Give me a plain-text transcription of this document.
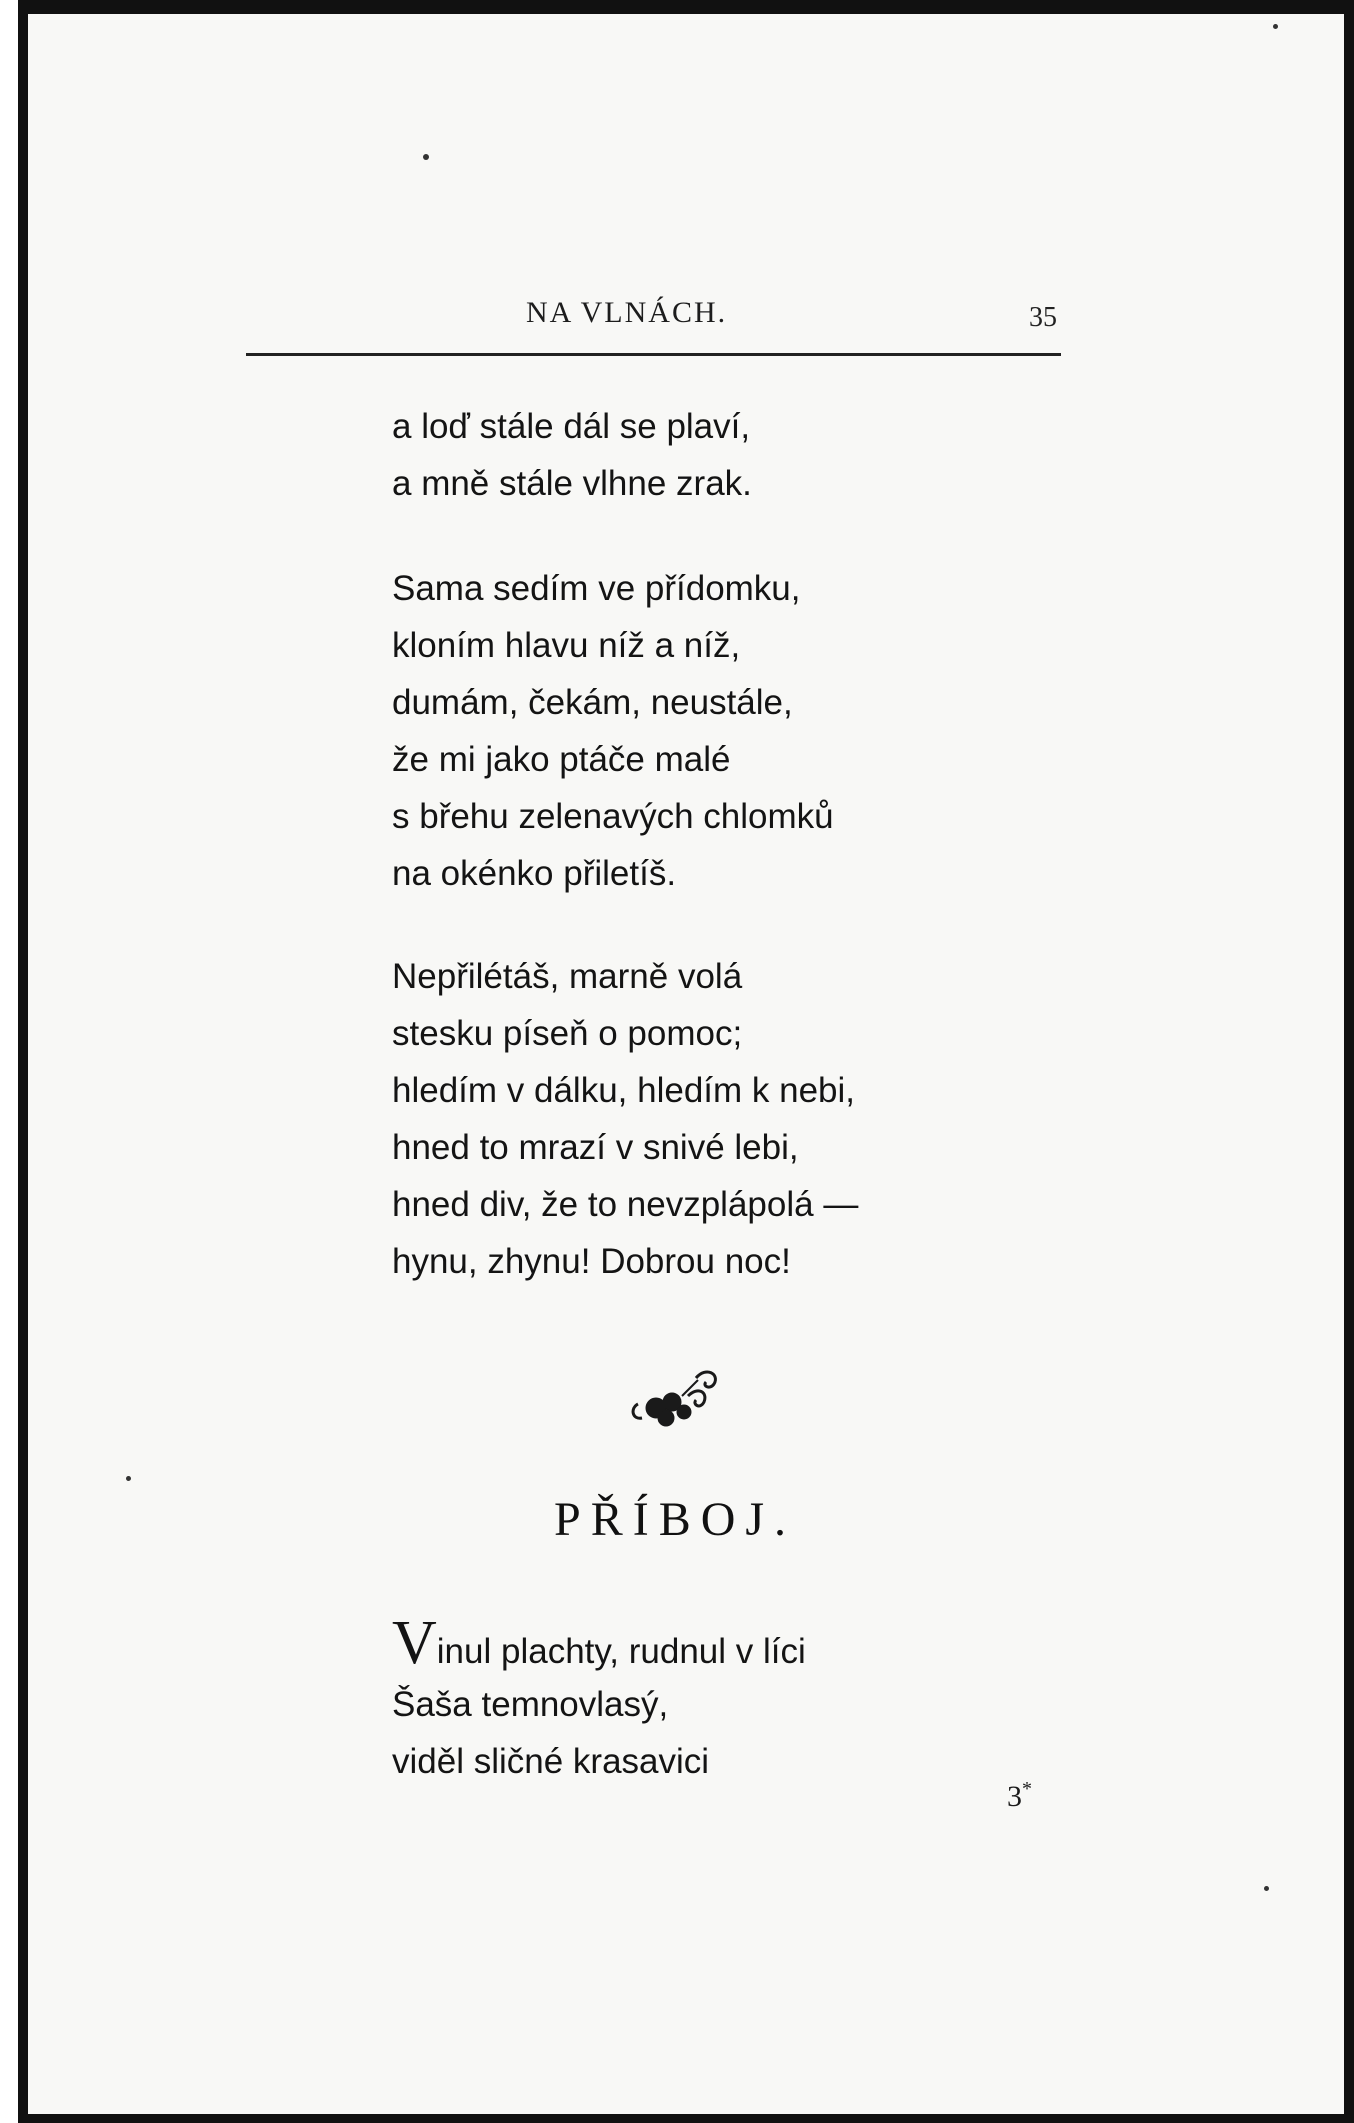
NA VLNÁCH.	35
a loď stále dál se plaví,
a mně stále vlhne zrak.
Sama sedím ve přídomku,
kloním hlavu níž a níž,
dumám, čekám, neustále,
že mi jako ptáče malé
s břehu zelenavých chlomků
na okénko přiletíš.
Nepřilétáš, marně volá
stesku píseň o pomoc;
hledím v dálku, hledím k nebi,
hned to mrazí v snivé lebi,
hned div, že to nevzplápolá —
hynu, zhynu! Dobrou noc!
PŘÍBOJ.
Vinul plachty, rudnul v líci
Šaša temnovlasý,
viděl sličné krasavici
3*
